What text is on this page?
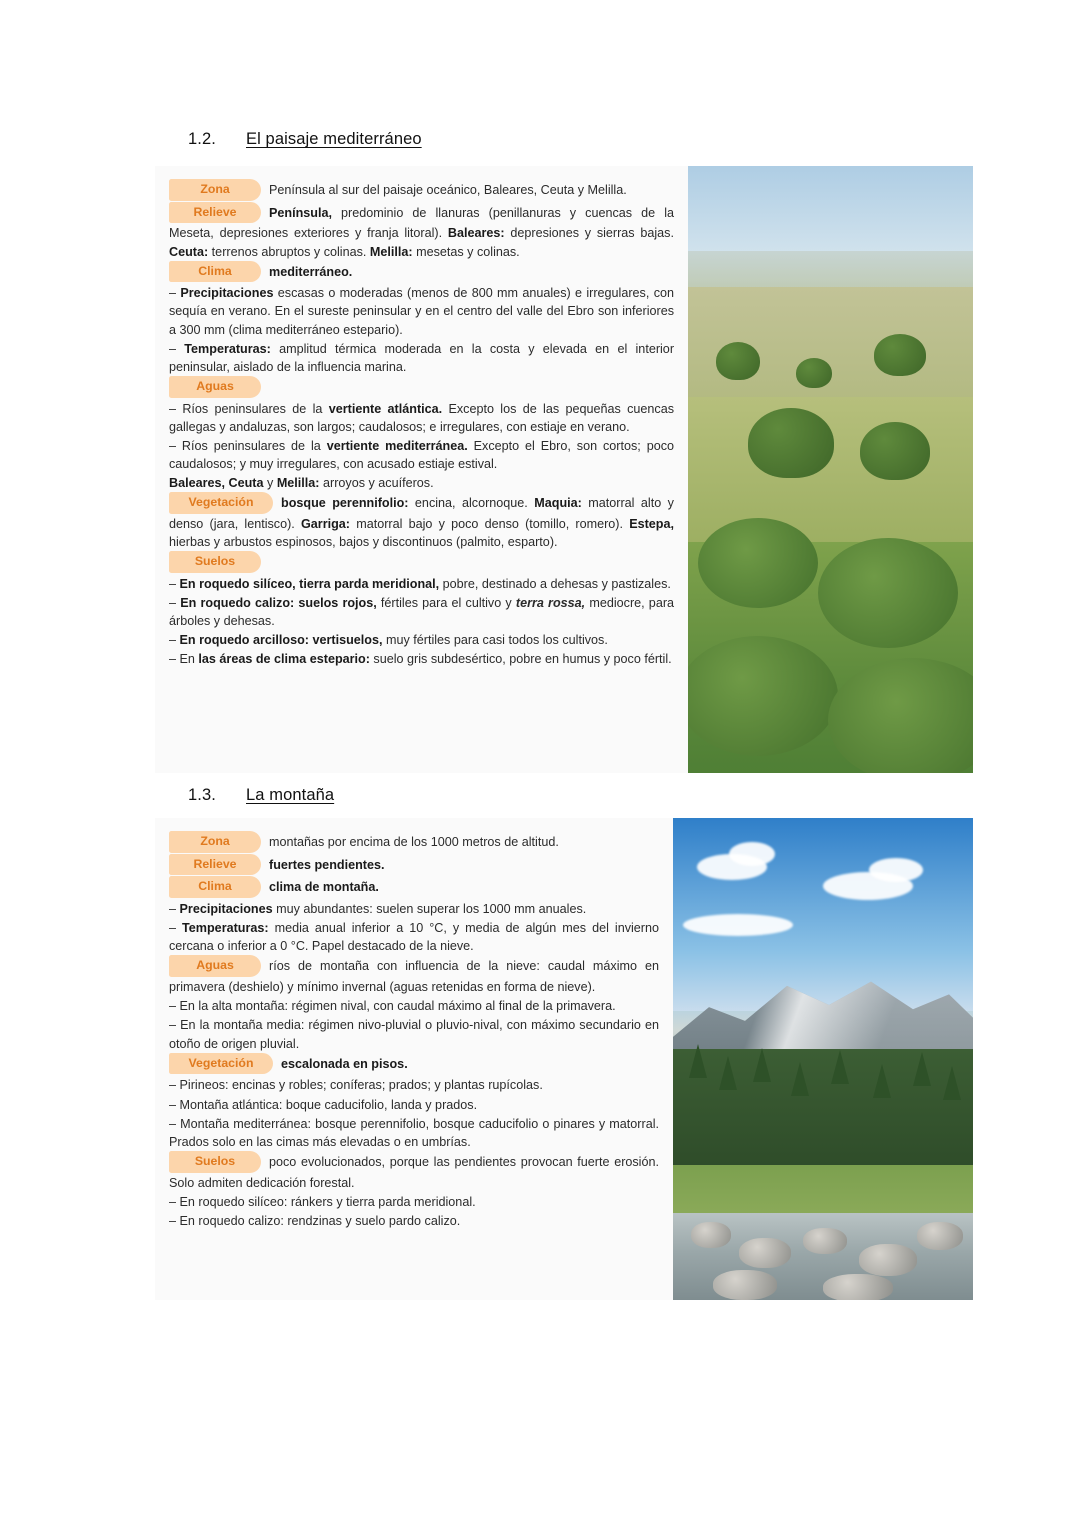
1.2. El paisaje mediterráneo

Zona	Península al sur del paisaje oceánico, Baleares, Ceuta y Melilla.

Relieve	Península, predominio de llanuras (penillanuras y cuencas de la Meseta, depresiones exteriores y franja litoral). Baleares: depresiones y sierras bajas. Ceuta: terrenos abruptos y colinas. Melilla: mesetas y colinas.

Clima	mediterráneo.

– Precipitaciones escasas o moderadas (menos de 800 mm anuales) e irregulares, con sequía en verano. En el sureste peninsular y en el centro del valle del Ebro son inferiores a 300 mm (clima mediterráneo estepario).

– Temperaturas: amplitud térmica moderada en la costa y elevada en el interior peninsular, aislado de la influencia marina.

Aguas

– Ríos peninsulares de la vertiente atlántica. Excepto los de las pequeñas cuencas gallegas y andaluzas, son largos; caudalosos; e irregulares, con estiaje en verano.

– Ríos peninsulares de la vertiente mediterránea. Excepto el Ebro, son cortos; poco caudalosos; y muy irregulares, con acusado estiaje estival.

Baleares, Ceuta y Melilla: arroyos y acuíferos.

Vegetación bosque perennifolio: encina, alcornoque. Maquia: matorral alto y denso (jara, lentisco). Garriga: matorral bajo y poco denso (tomillo, romero). Estepa, hierbas y arbustos espinosos, bajos y discontinuos (palmito, esparto).

Suelos

– En roquedo silíceo, tierra parda meridional, pobre, destinado a dehesas y pastizales.

– En roquedo calizo: suelos rojos, fértiles para el cultivo y terra rossa, mediocre, para árboles y dehesas.

– En roquedo arcilloso: vertisuelos, muy fértiles para casi todos los cultivos.

– En las áreas de clima estepario: suelo gris subdesértico, pobre en humus y poco fértil.

1.3. La montaña

Zona	montañas por encima de los 1000 metros de altitud.

Relieve	fuertes pendientes.

Clima	clima de montaña.

– Precipitaciones muy abundantes: suelen superar los 1000 mm anuales.

– Temperaturas: media anual inferior a 10 °C, y media de algún mes del invierno cercana o inferior a 0 °C. Papel destacado de la nieve.

Aguas	ríos de montaña con influencia de la nieve: caudal máximo en primavera (deshielo) y mínimo invernal (aguas retenidas en forma de nieve).

– En la alta montaña: régimen nival, con caudal máximo al final de la primavera.

– En la montaña media: régimen nivo-pluvial o pluvio-nival, con máximo secundario en otoño de origen pluvial.

Vegetación escalonada en pisos.

– Pirineos: encinas y robles; coníferas; prados; y plantas rupícolas.

– Montaña atlántica: boque caducifolio, landa y prados.

– Montaña mediterránea: bosque perennifolio, bosque caducifolio o pinares y matorral. Prados solo en las cimas más elevadas o en umbrías.

Suelos	poco evolucionados, porque las pendientes provocan fuerte erosión. Solo admiten dedicación forestal.

– En roquedo silíceo: ránkers y tierra parda meridional.

– En roquedo calizo: rendzinas y suelo pardo calizo.
